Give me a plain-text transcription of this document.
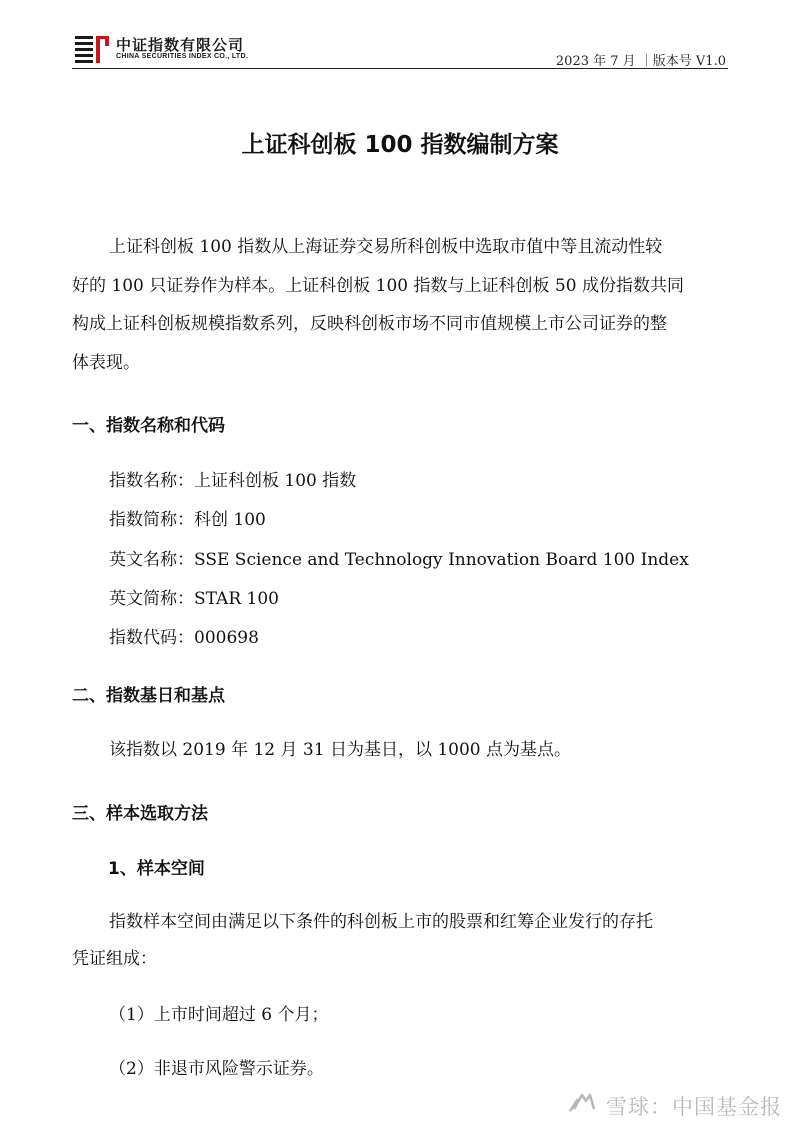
中证指数有限公司
CHINA SECURITIES INDEX CO., LTD.	2023 年 7 月 ｜版本号 V1.0
上证科创板 100 指数编制方案
上证科创板 100 指数从上海证券交易所科创板中选取市值中等且流动性较
好的 100 只证券作为样本。上证科创板 100 指数与上证科创板 50 成份指数共同
构成上证科创板规模指数系列，反映科创板市场不同市值规模上市公司证券的整
体表现。
一、指数名称和代码
指数名称：上证科创板 100 指数
指数简称：科创 100
英文名称：SSE Science and Technology Innovation Board 100 Index
英文简称：STAR 100
指数代码：000698
二、指数基日和基点
该指数以 2019 年 12 月 31 日为基日，以 1000 点为基点。
三、样本选取方法
1、样本空间
指数样本空间由满足以下条件的科创板上市的股票和红筹企业发行的存托
凭证组成：
（1）上市时间超过 6 个月；
（2）非退市风险警示证券。
雪球：中国基金报
